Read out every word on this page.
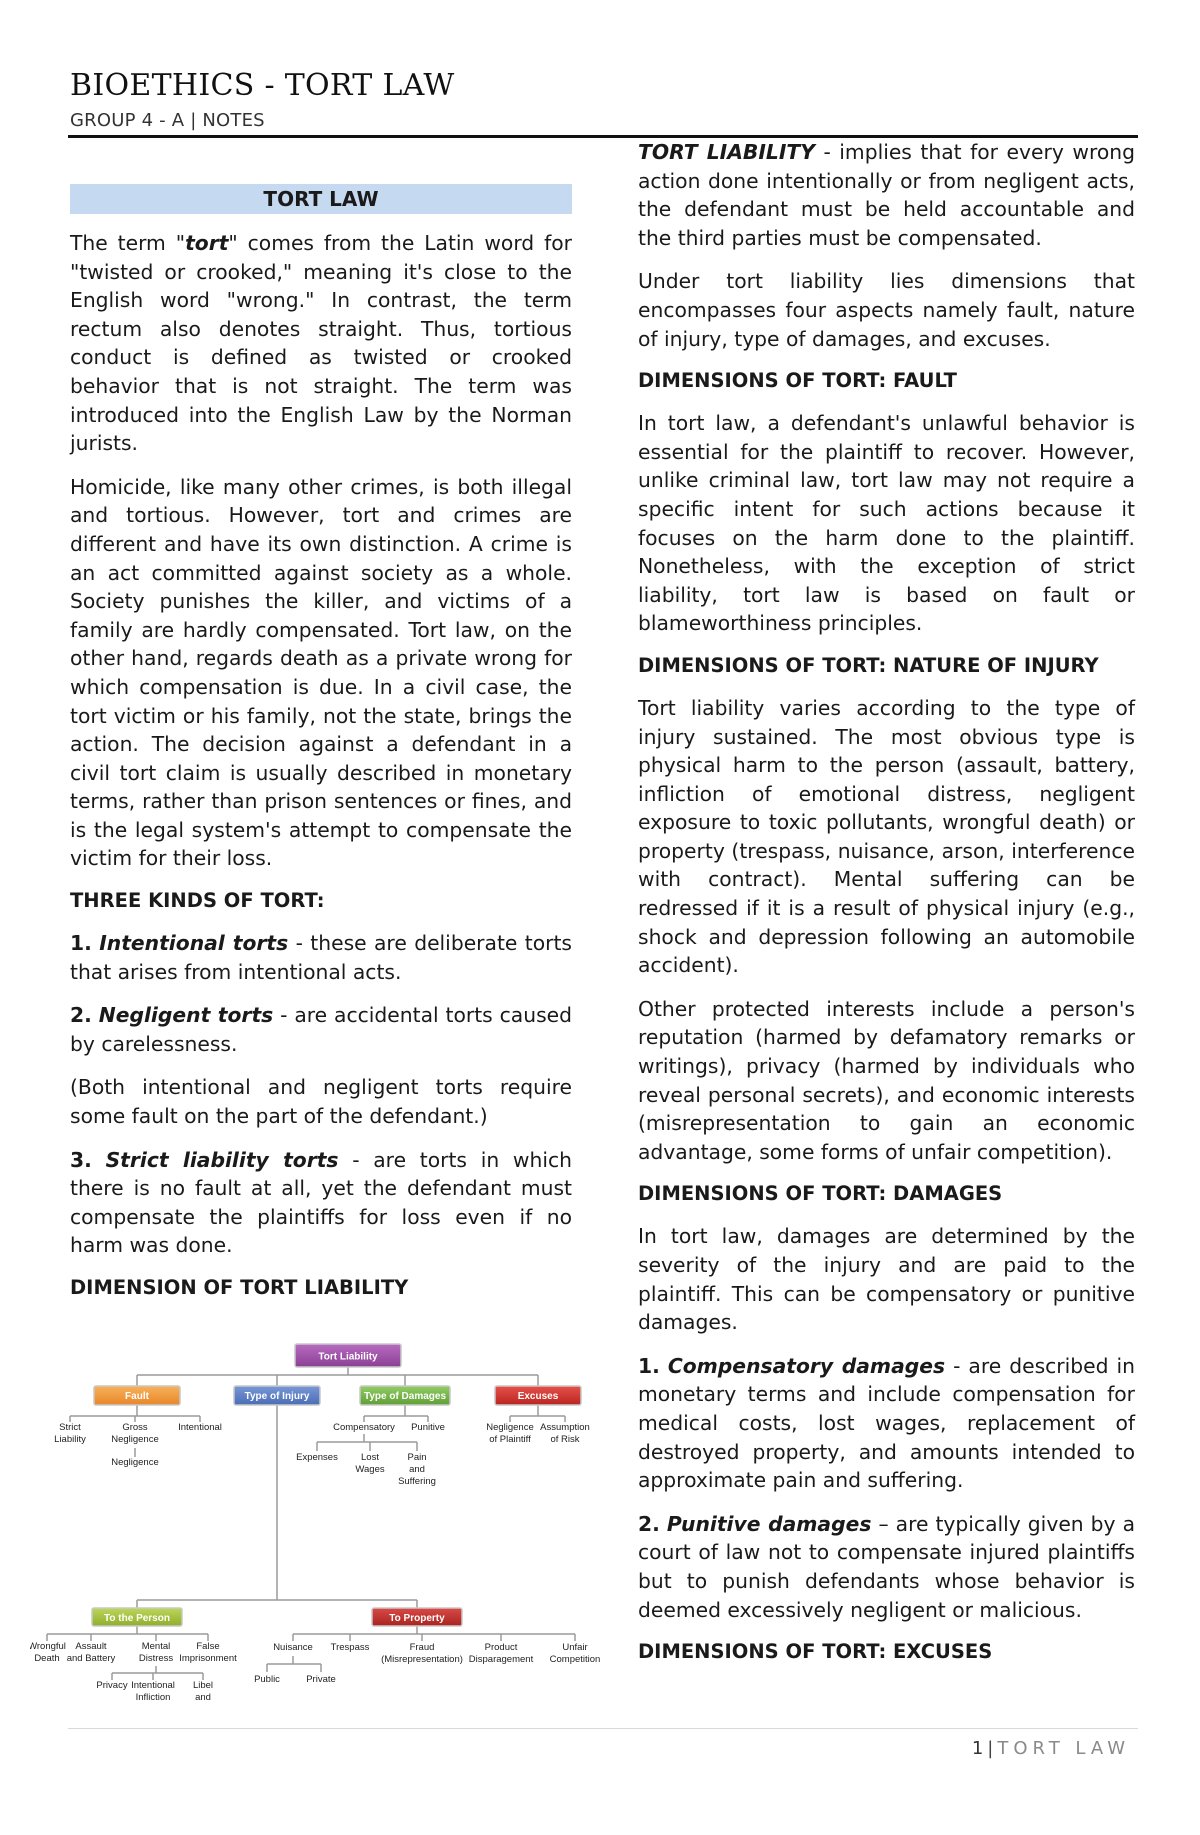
BIOETHICS - TORT LAW
GROUP 4 - A | NOTES
TORT LAW

The term "tort" comes from the Latin word for "twisted or crooked," meaning it's close to the English word "wrong." In contrast, the term rectum also denotes straight. Thus, tortious conduct is defined as twisted or crooked behavior that is not straight. The term was introduced into the English Law by the Norman jurists.

Homicide, like many other crimes, is both illegal and tortious. However, tort and crimes are different and have its own distinction. A crime is an act committed against society as a whole. Society punishes the killer, and victims of a family are hardly compensated. Tort law, on the other hand, regards death as a private wrong for which compensation is due. In a civil case, the tort victim or his family, not the state, brings the action. The decision against a defendant in a civil tort claim is usually described in monetary terms, rather than prison sentences or fines, and is the legal system's attempt to compensate the victim for their loss.

THREE KINDS OF TORT:

1. Intentional torts - these are deliberate torts that arises from intentional acts.

2. Negligent torts - are accidental torts caused by carelessness.

(Both intentional and negligent torts require some fault on the part of the defendant.)

3. Strict liability torts - are torts in which there is no fault at all, yet the defendant must compensate the plaintiffs for loss even if no harm was done.

DIMENSION OF TORT LIABILITY
Tort Liability
Fault	Type of Injury	Type of Damages	Excuses
To the Person	To Property
Strict Liability
Gross Negligence
Intentional
Negligence
Compensatory Punitive
Expenses	Lost Wages
Pain and Suffering
Negligence of Plaintiff
Assumption of Risk
Wrongful Death
Assault and Battery
Mental Distress
False Imprisonment
Privacy Intentional Infliction
Libel and
Nuisance Trespass	Fraud (Misrepresentation)
Product Disparagement
Unfair Competition
Public	Private

TORT LIABILITY - implies that for every wrong action done intentionally or from negligent acts, the defendant must be held accountable and the third parties must be compensated.

Under tort liability lies dimensions that encompasses four aspects namely fault, nature of injury, type of damages, and excuses.

DIMENSIONS OF TORT: FAULT

In tort law, a defendant's unlawful behavior is essential for the plaintiff to recover. However, unlike criminal law, tort law may not require a specific intent for such actions because it focuses on the harm done to the plaintiff. Nonetheless, with the exception of strict liability, tort law is based on fault or blameworthiness principles.

DIMENSIONS OF TORT: NATURE OF INJURY

Tort liability varies according to the type of injury sustained. The most obvious type is physical harm to the person (assault, battery, infliction of emotional distress, negligent exposure to toxic pollutants, wrongful death) or property (trespass, nuisance, arson, interference with contract). Mental suffering can be redressed if it is a result of physical injury (e.g., shock and depression following an automobile accident).

Other protected interests include a person's reputation (harmed by defamatory remarks or writings), privacy (harmed by individuals who reveal personal secrets), and economic interests (misrepresentation to gain an economic advantage, some forms of unfair competition).

DIMENSIONS OF TORT: DAMAGES

In tort law, damages are determined by the severity of the injury and are paid to the plaintiff. This can be compensatory or punitive damages.

1. Compensatory damages - are described in monetary terms and include compensation for medical costs, lost wages, replacement of destroyed property, and amounts intended to approximate pain and suffering.

2. Punitive damages – are typically given by a court of law not to compensate injured plaintiffs but to punish defendants whose behavior is deemed excessively negligent or malicious.

DIMENSIONS OF TORT: EXCUSES
1 | TORT LAW
